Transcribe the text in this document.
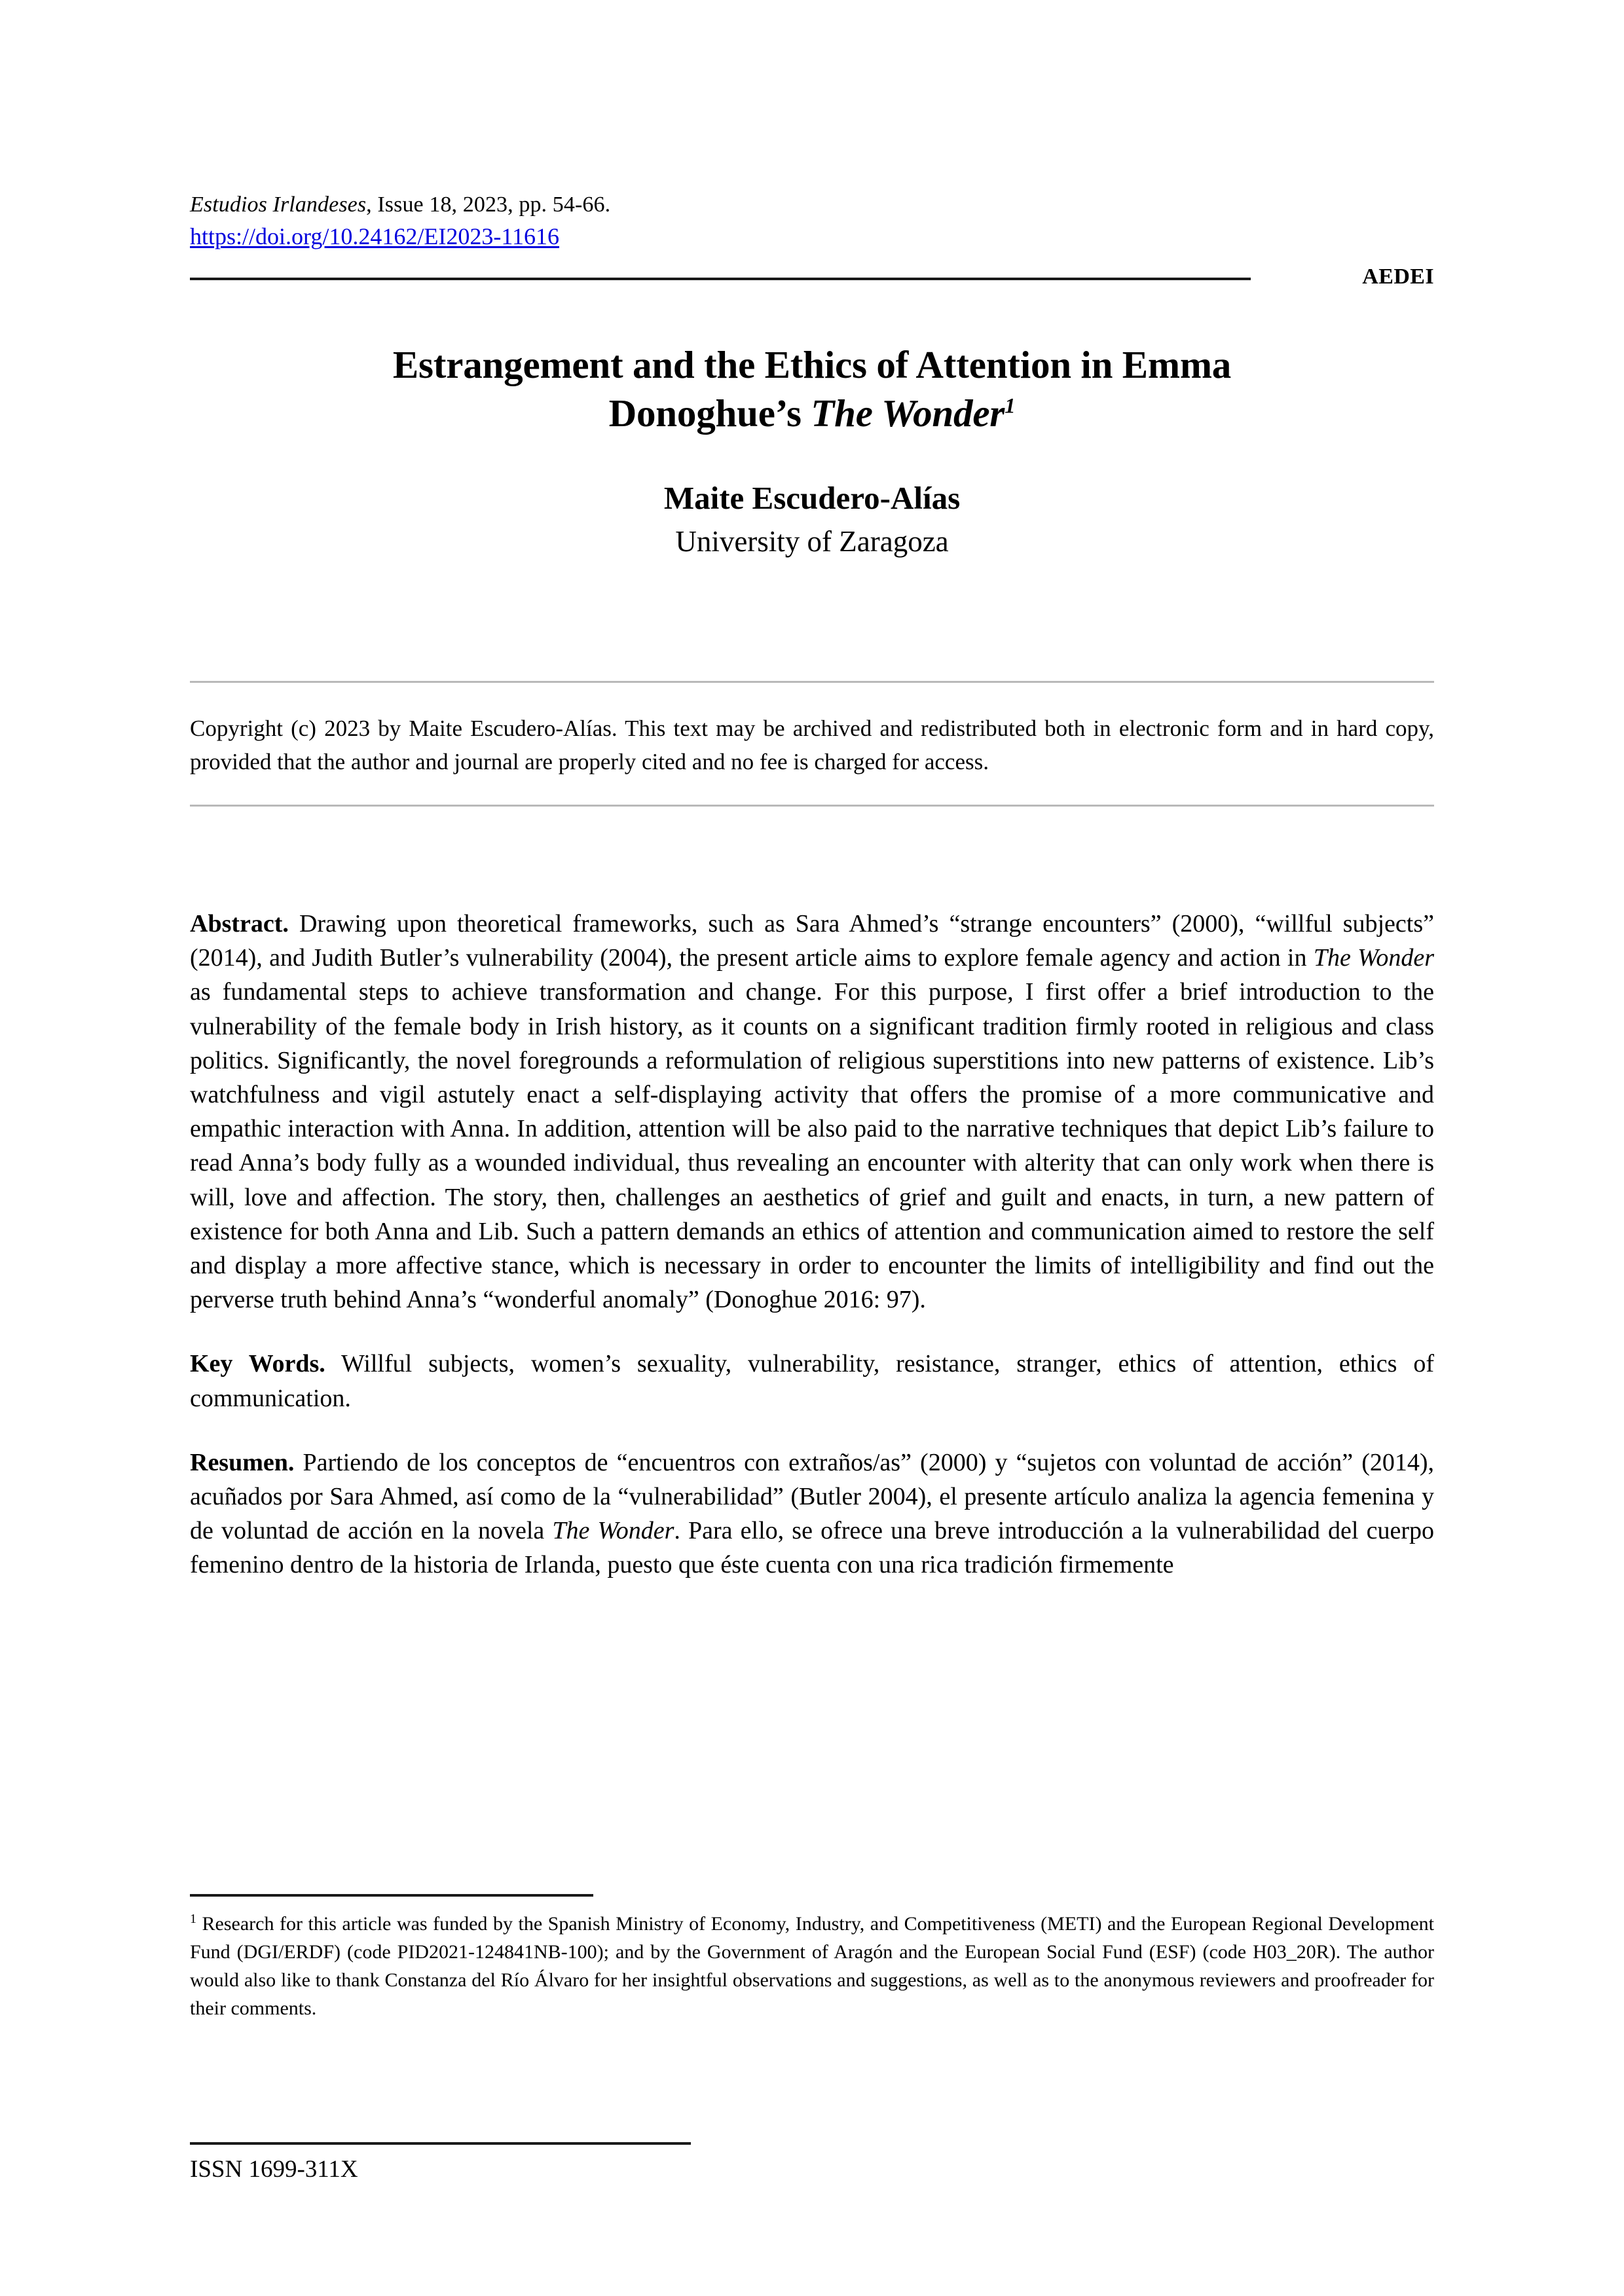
Estudios Irlandeses, Issue 18, 2023, pp. 54-66.
https://doi.org/10.24162/EI2023-11616
AEDEI
Estrangement and the Ethics of Attention in Emma
Donoghue’s The Wonder$^1$

Maite Escudero-Alías

University of Zaragoza

Copyright (c) 2023 by Maite Escudero-Alías. This text may be archived and redistributed both in electronic form and in hard copy, provided that the author and journal are properly cited and no fee is charged for access.

Abstract. Drawing upon theoretical frameworks, such as Sara Ahmed’s “strange encounters” (2000), “willful subjects” (2014), and Judith Butler’s vulnerability (2004), the present article aims to explore female agency and action in The Wonder as fundamental steps to achieve transformation and change. For this purpose, I first offer a brief introduction to the vulnerability of the female body in Irish history, as it counts on a significant tradition firmly rooted in religious and class politics. Significantly, the novel foregrounds a reformulation of religious superstitions into new patterns of existence. Lib’s watchfulness and vigil astutely enact a self-displaying activity that offers the promise of a more communicative and empathic interaction with Anna. In addition, attention will be also paid to the narrative techniques that depict Lib’s failure to read Anna’s body fully as a wounded individual, thus revealing an encounter with alterity that can only work when there is will, love and affection. The story, then, challenges an aesthetics of grief and guilt and enacts, in turn, a new pattern of existence for both Anna and Lib. Such a pattern demands an ethics of attention and communication aimed to restore the self and display a more affective stance, which is necessary in order to encounter the limits of intelligibility and find out the perverse truth behind Anna’s “wonderful anomaly” (Donoghue 2016: 97).

Key Words. Willful subjects, women’s sexuality, vulnerability, resistance, stranger, ethics of attention, ethics of communication.

Resumen. Partiendo de los conceptos de “encuentros con extraños/as” (2000) y “sujetos con voluntad de acción” (2014), acuñados por Sara Ahmed, así como de la “vulnerabilidad” (Butler 2004), el presente artículo analiza la agencia femenina y de voluntad de acción en la novela The Wonder. Para ello, se ofrece una breve introducción a la vulnerabilidad del cuerpo femenino dentro de la historia de Irlanda, puesto que éste cuenta con una rica tradición firmemente

$^1$ Research for this article was funded by the Spanish Ministry of Economy, Industry, and Competitiveness (METI) and the European Regional Development Fund (DGI/ERDF) (code PID2021-124841NB-100); and by the Government of Aragón and the European Social Fund (ESF) (code H03_20R). The author would also like to thank Constanza del Río Álvaro for her insightful observations and suggestions, as well as to the anonymous reviewers and proofreader for their comments.

ISSN 1699-311X
